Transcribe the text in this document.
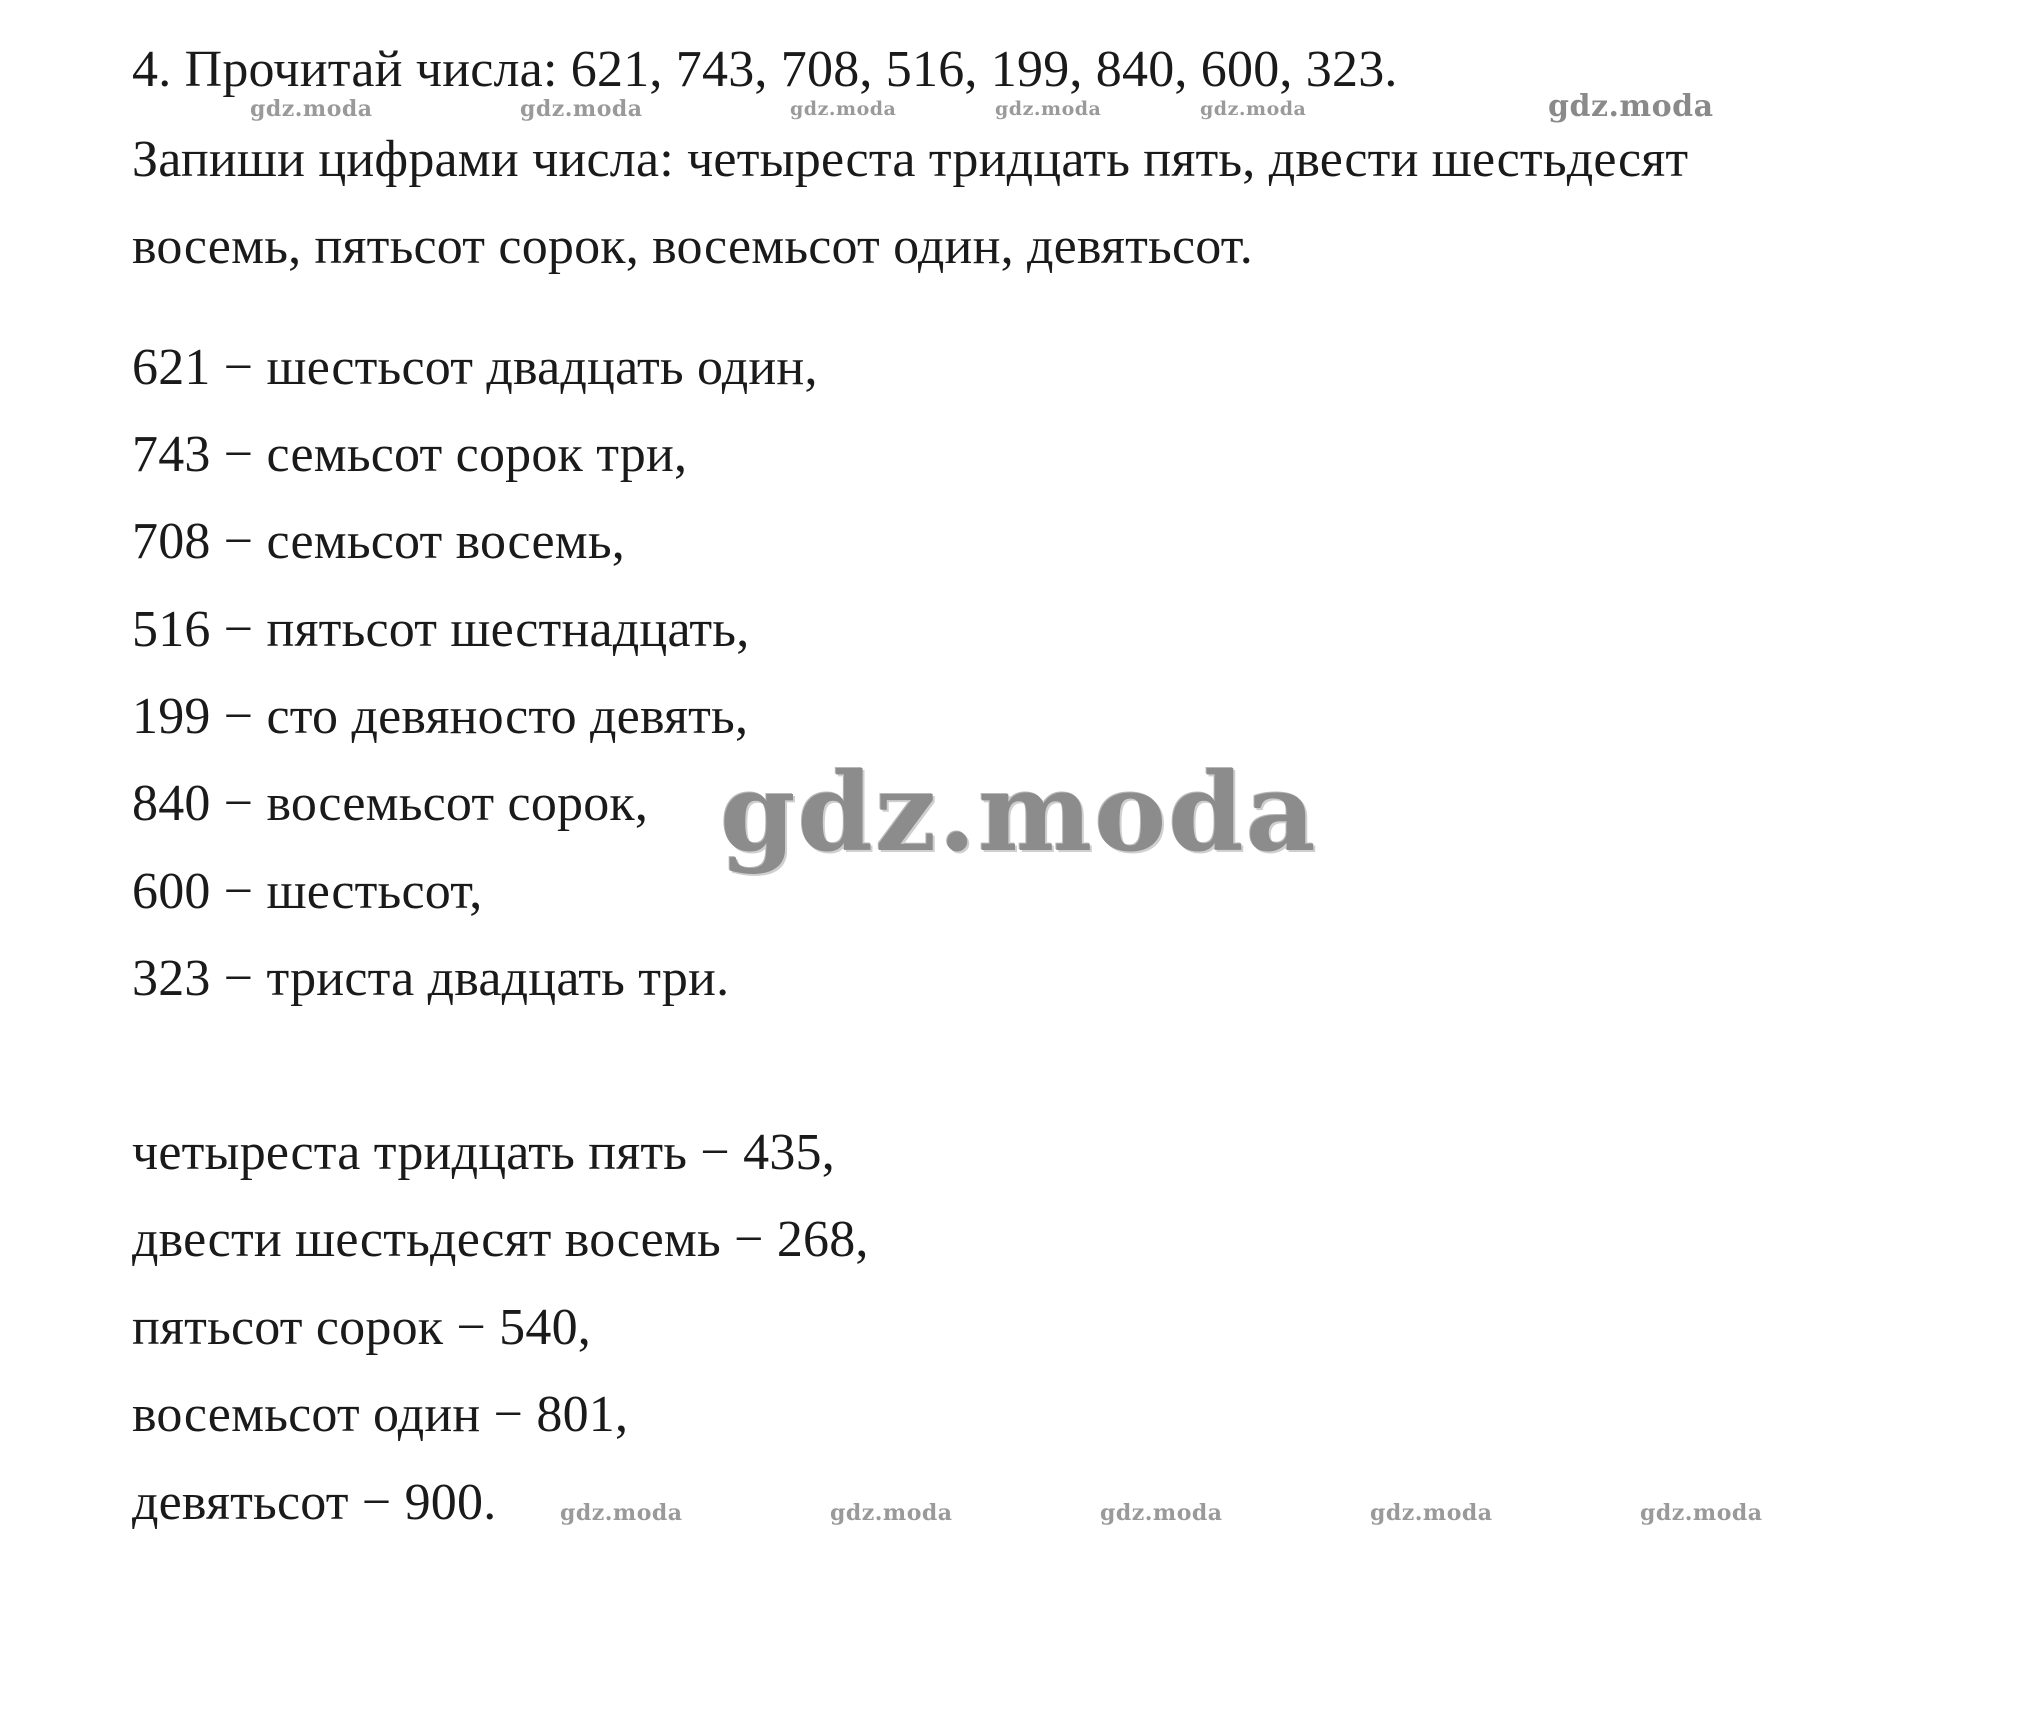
4. Прочитай числа: 621, 743, 708, 516, 199, 840, 600, 323.
Запиши цифрами числа: четыреста тридцать пять, двести шестьдесят
восемь, пятьсот сорок, восемьсот один, девятьсот.
621 − шестьсот двадцать один,
743 − семьсот сорок три,
708 − семьсот восемь,
516 − пятьсот шестнадцать,
199 − сто девяносто девять,
840 − восемьсот сорок,
600 − шестьсот,
323 − триста двадцать три.
четыреста тридцать пять − 435,
двести шестьдесят восемь − 268,
пятьсот сорок − 540,
восемьсот один − 801,
девятьсот − 900.
gdz.moda	gdz.moda	gdz.moda	gdz.moda	gdz.moda	gdz.moda
gdz.moda
gdz.moda	gdz.moda	gdz.moda	gdz.moda	gdz.moda
